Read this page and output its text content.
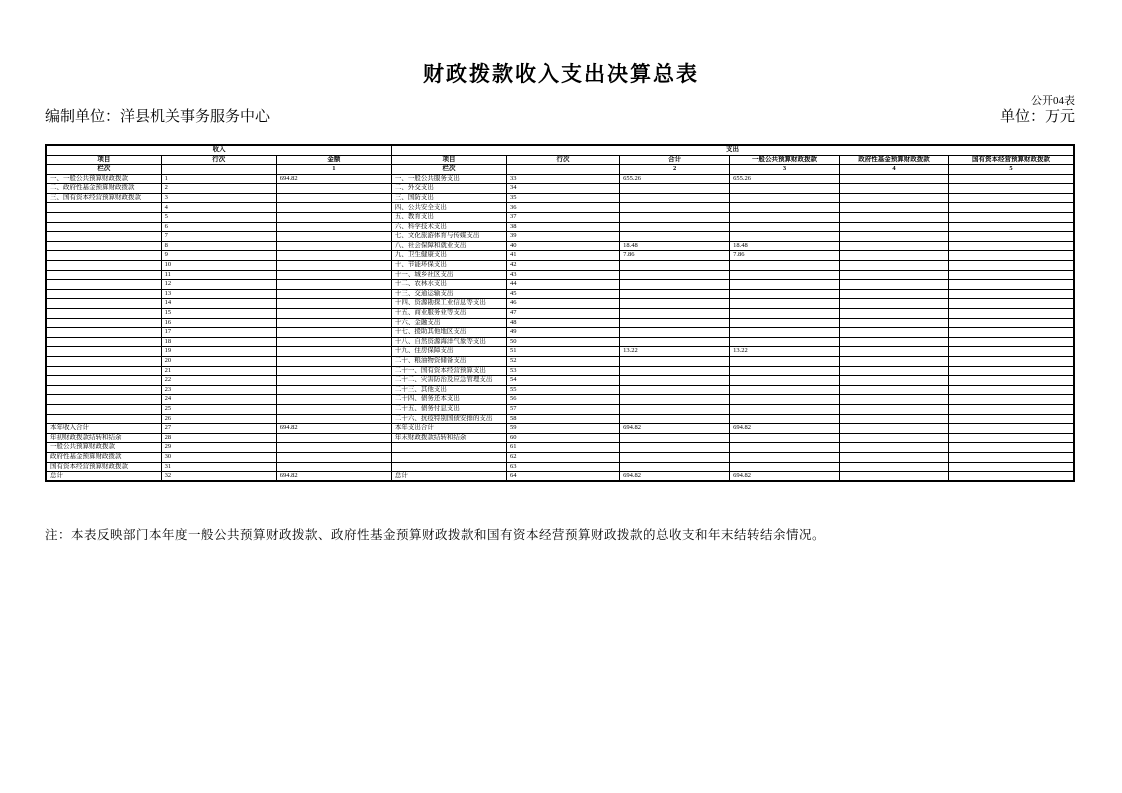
财政拨款收入支出决算总表
公开04表
编制单位：洋县机关事务服务中心	单位：万元
收入			支出					
项目	行次	金额	项目	行次	合计	一般公共预算财政拨款	政府性基金预算财政拨款	国有资本经营预算财政拨款
栏次		1	栏次		2	3	4	5
一、一般公共预算财政拨款	1	694.82	一、一般公共服务支出	33	655.26	655.26		
二、政府性基金预算财政拨款	2		二、外交支出	34				
三、国有资本经营预算财政拨款	3		三、国防支出	35				
	4		四、公共安全支出	36				
	5		五、教育支出	37				
	6		六、科学技术支出	38				
	7		七、文化旅游体育与传媒支出	39				
	8		八、社会保障和就业支出	40	18.48	18.48		
	9		九、卫生健康支出	41	7.86	7.86		
	10		十、节能环保支出	42				
	11		十一、城乡社区支出	43				
	12		十二、农林水支出	44				
	13		十三、交通运输支出	45				
	14		十四、资源勘探工业信息等支出	46				
	15		十五、商业服务业等支出	47				
	16		十六、金融支出	48				
	17		十七、援助其他地区支出	49				
	18		十八、自然资源海洋气象等支出	50				
	19		十九、住房保障支出	51	13.22	13.22		
	20		二十、粮油物资储备支出	52				
	21		二十一、国有资本经营预算支出	53				
	22		二十二、灾害防治及应急管理支出	54				
	23		二十三、其他支出	55				
	24		二十四、债务还本支出	56				
	25		二十五、债务付息支出	57				
	26		二十六、抗疫特别国债安排的支出	58				
本年收入合计	27	694.82	本年支出合计	59	694.82	694.82		
年初财政拨款结转和结余	28		年末财政拨款结转和结余	60				
一般公共预算财政拨款	29			61				
政府性基金预算财政拨款	30			62				
国有资本经营预算财政拨款	31			63				
总计	32	694.82	总计	64	694.82	694.82		
注：本表反映部门本年度一般公共预算财政拨款、政府性基金预算财政拨款和国有资本经营预算财政拨款的总收支和年末结转结余情况。
